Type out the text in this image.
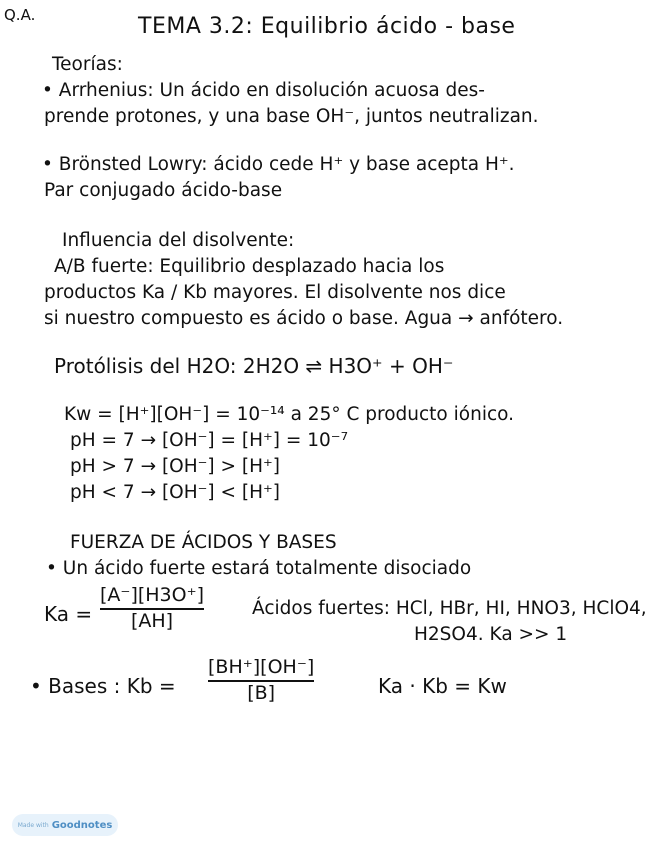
Q.A.	TEMA 3.2: Equilibrio ácido - base
Teorías:
• Arrhenius: Un ácido en disolución acuosa des-
prende protones, y una base OH⁻, juntos neutralizan.
• Brönsted Lowry: ácido cede H⁺ y base acepta H⁺.
Par conjugado ácido-base
Influencia del disolvente:
A/B fuerte: Equilibrio desplazado hacia los
productos Ka / Kb mayores. El disolvente nos dice
si nuestro compuesto es ácido o base. Agua → anfótero.
Protólisis del H2O: 2H2O ⇌ H3O⁺ + OH⁻
Kw = [H⁺][OH⁻] = 10⁻¹⁴ a 25° C producto iónico.
pH = 7 → [OH⁻] = [H⁺] = 10⁻⁷
pH > 7 → [OH⁻] > [H⁺]
pH < 7 → [OH⁻] < [H⁺]
FUERZA DE ÁCIDOS Y BASES
• Un ácido fuerte estará totalmente disociado
Ka =
[A⁻][H3O⁺]
[AH]
Ácidos fuertes: HCl, HBr, HI, HNO3, HClO4,
H2SO4. Ka >> 1
• Bases : Kb =
[BH⁺][OH⁻]
[B]	Ka · Kb = Kw
Made with Goodnotes
